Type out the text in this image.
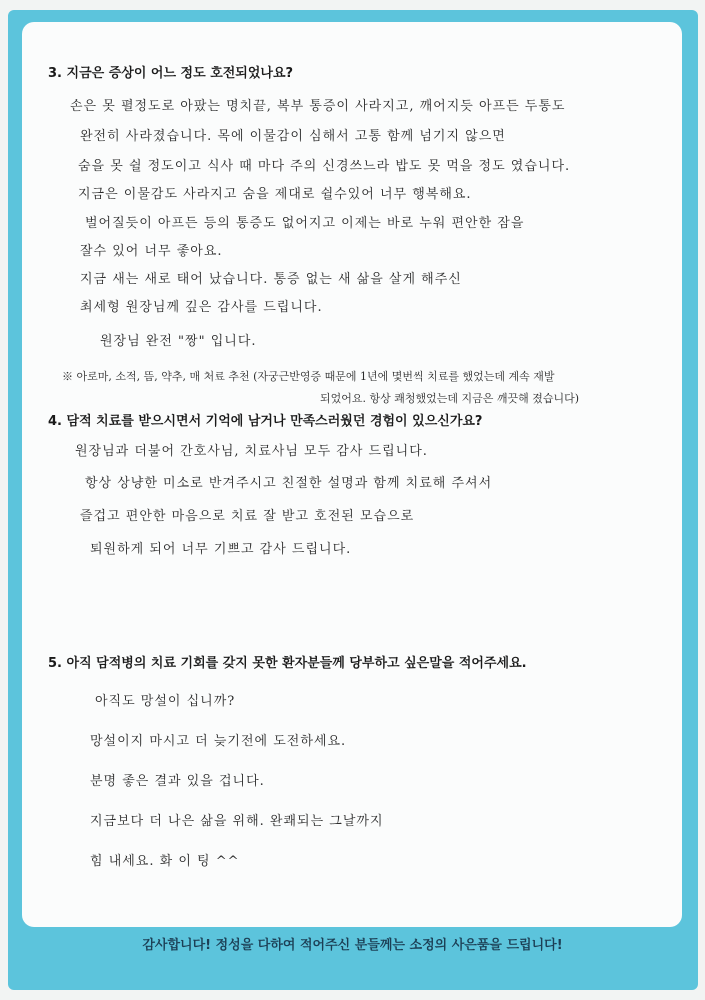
3. 지금은 증상이 어느 정도 호전되었나요?
손은 못 펼정도로 아팠는 명치끝, 복부 통증이 사라지고, 깨어지듯 아프든 두통도
완전히 사라졌습니다. 목에 이물감이 심해서 고통 함께 넘기지 않으면
숨을 못 쉴 정도이고 식사 때 마다 주의 신경쓰느라 밥도 못 먹을 정도 였습니다.
지금은 이물감도 사라지고 숨을 제대로 쉴수있어 너무 행복해요.
벌어질듯이 아프든 등의 통증도 없어지고 이제는 바로 누워 편안한 잠을
잘수 있어 너무 좋아요.
지금 새는 새로 태어 났습니다. 통증 없는 새 삶을 살게 해주신
최세형 원장님께 깊은 감사를 드립니다.
원장님 완전 "짱" 입니다.
※ 아로마, 소적, 뜸, 약추, 매 처료 추천 (자궁근반영증 때문에 1년에 몇번씩 치료를 했었는데 계속 재발
되었어요. 항상 쾌청했었는데 지금은 깨끗해 졌습니다)
4. 담적 치료를 받으시면서 기억에 남거나 만족스러웠던 경험이 있으신가요?
원장님과 더불어 간호사님, 치료사님 모두 감사 드립니다.
항상 상냥한 미소로 반겨주시고 친절한 설명과 함께 치료해 주셔서
즐겁고 편안한 마음으로 치료 잘 받고 호전된 모습으로
퇴원하게 되어 너무 기쁘고 감사 드립니다.
5. 아직 담적병의 치료 기회를 갖지 못한 환자분들께 당부하고 싶은말을 적어주세요.
아직도 망설이 십니까?
망설이지 마시고 더 늦기전에 도전하세요.
분명 좋은 결과 있을 겁니다.
지금보다 더 나은 삶을 위해. 완쾌되는 그날까지
힘 내세요. 화 이 팅 ^^
감사합니다! 정성을 다하여 적어주신 분들께는 소정의 사은품을 드립니다!
